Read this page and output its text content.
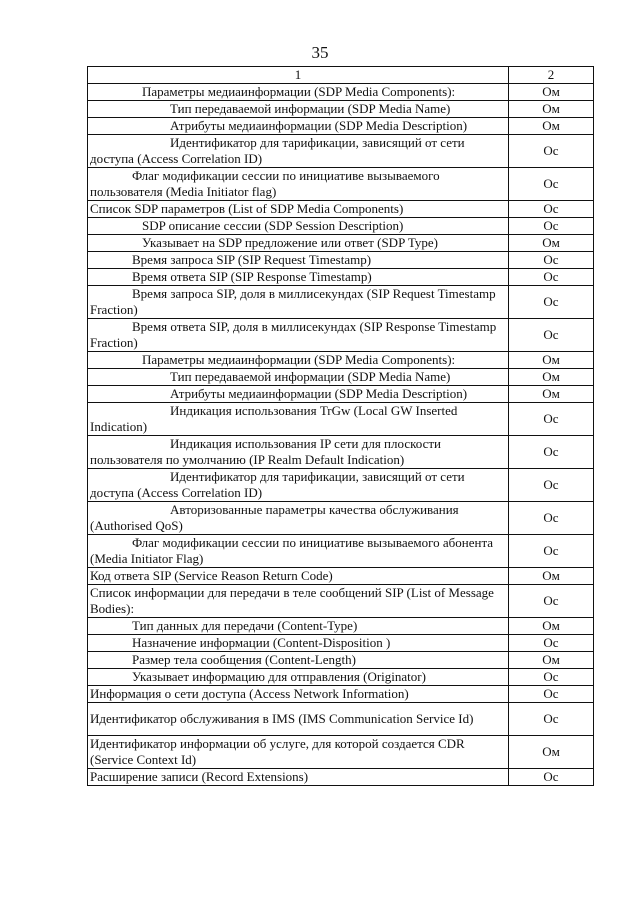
35
1	2

Параметры медиаинформации (SDP Media Components):	Ом

Тип передаваемой информации (SDP Media Name)	Ом

Атрибуты медиаинформации (SDP Media Description)	Ом

Идентификатор для тарификации, зависящий от сети доступа (Access Correlation ID)	Ос

Флаг модификации сессии по инициативе вызываемого пользователя (Media Initiator flag)	Ос

Список SDP параметров (List of SDP Media Components)	Ос

SDP описание сессии (SDP Session Description)	Ос

Указывает на SDP предложение или ответ (SDP Type)	Ом

Время запроса SIP (SIP Request Timestamp)	Ос

Время ответа SIP (SIP Response Timestamp)	Ос

Время запроса SIP, доля в миллисекундах (SIP Request Timestamp Fraction)	Ос

Время ответа SIP, доля в миллисекундах (SIP Response Timestamp Fraction)	Ос

Параметры медиаинформации (SDP Media Components):	Ом

Тип передаваемой информации (SDP Media Name)	Ом

Атрибуты медиаинформации (SDP Media Description)	Ом

Индикация использования TrGw (Local GW Inserted Indication)	Ос

Индикация использования IP сети для плоскости пользователя по умолчанию (IP Realm Default Indication)	Ос

Идентификатор для тарификации, зависящий от сети доступа (Access Correlation ID)	Ос

Авторизованные параметры качества обслуживания (Authorised QoS)	Ос

Флаг модификации сессии по инициативе вызываемого абонента (Media Initiator Flag)	Ос

Код ответа SIP (Service Reason Return Code)	Ом

Список информации для передачи в теле сообщений SIP (List of Message Bodies):	Ос

Тип данных для передачи (Content-Type)	Ом

Назначение информации (Content-Disposition )	Ос

Размер тела сообщения (Content-Length)	Ом

Указывает информацию для отправления (Originator)	Ос

Информация о сети доступа (Access Network Information)	Ос

Идентификатор обслуживания в IMS (IMS Communication Service Id)	Ос

Идентификатор информации об услуге, для которой создается CDR (Service Context Id)	Ом

Расширение записи (Record Extensions)	Ос
